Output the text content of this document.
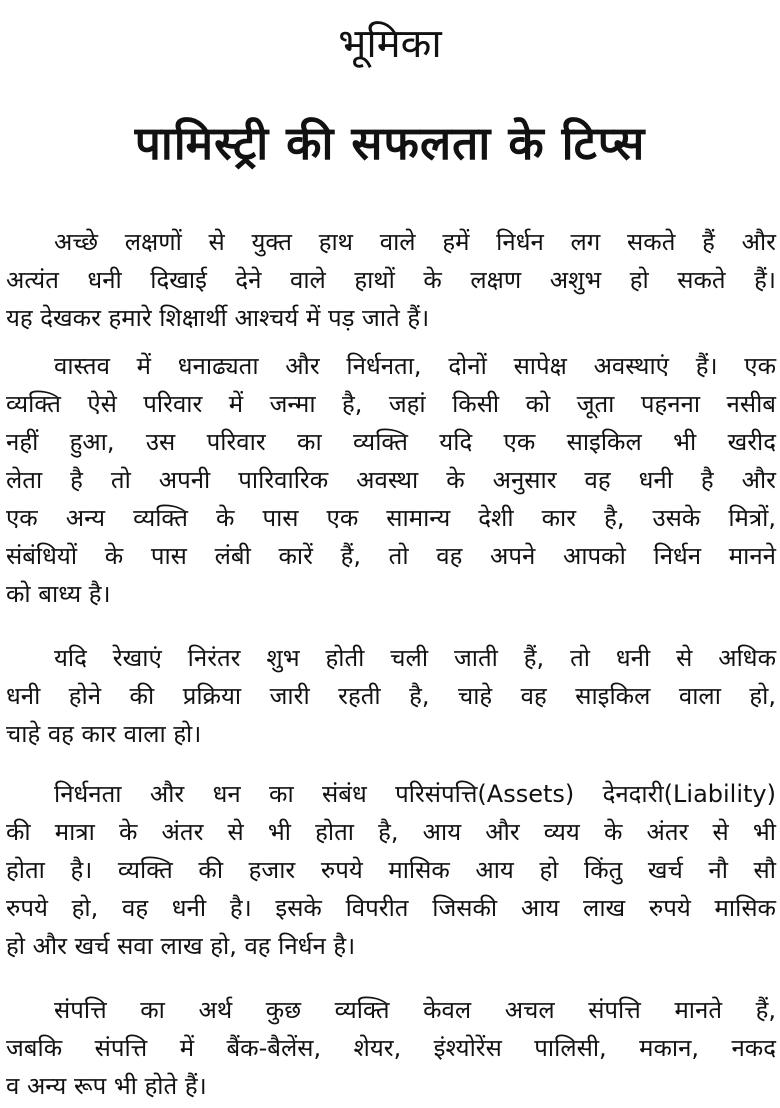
भूमिका
पामिस्ट्री की सफलता के टिप्स
अच्छे लक्षणों से युक्त हाथ वाले हमें निर्धन लग सकते हैं और
अत्यंत धनी दिखाई देने वाले हाथों के लक्षण अशुभ हो सकते हैं।
यह देखकर हमारे शिक्षार्थी आश्चर्य में पड़ जाते हैं।
वास्तव में धनाढ्यता और निर्धनता, दोनों सापेक्ष अवस्थाएं हैं। एक
व्यक्ति ऐसे परिवार में जन्मा है, जहां किसी को जूता पहनना नसीब
नहीं हुआ, उस परिवार का व्यक्ति यदि एक साइकिल भी खरीद
लेता है तो अपनी पारिवारिक अवस्था के अनुसार वह धनी है और
एक अन्य व्यक्ति के पास एक सामान्य देशी कार है, उसके मित्रों,
संबंधियों के पास लंबी कारें हैं, तो वह अपने आपको निर्धन मानने
को बाध्य है।
यदि रेखाएं निरंतर शुभ होती चली जाती हैं, तो धनी से अधिक
धनी होने की प्रक्रिया जारी रहती है, चाहे वह साइकिल वाला हो,
चाहे वह कार वाला हो।
निर्धनता और धन का संबंध परिसंपत्ति(Assets) देनदारी(Liability)
की मात्रा के अंतर से भी होता है, आय और व्यय के अंतर से भी
होता है। व्यक्ति की हजार रुपये मासिक आय हो किंतु खर्च नौ सौ
रुपये हो, वह धनी है। इसके विपरीत जिसकी आय लाख रुपये मासिक
हो और खर्च सवा लाख हो, वह निर्धन है।
संपत्ति का अर्थ कुछ व्यक्ति केवल अचल संपत्ति मानते हैं,
जबकि संपत्ति में बैंक-बैलेंस, शेयर, इंश्योरेंस पालिसी, मकान, नकद
व अन्य रूप भी होते हैं।
